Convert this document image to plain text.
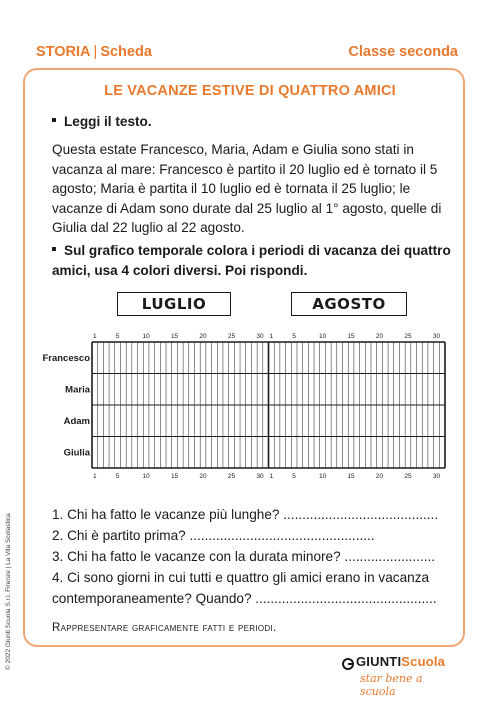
STORIA | Scheda	Classe seconda
LE VACANZE ESTIVE DI QUATTRO AMICI
Leggi il testo.
Questa estate Francesco, Maria, Adam e Giulia sono stati in vacanza al mare: Francesco è partito il 20 luglio ed è tornato il 5 agosto; Maria è partita il 10 luglio ed è tornata il 25 luglio; le vacanze di Adam sono durate dal 25 luglio al 1° agosto, quelle di Giulia dal 22 luglio al 22 agosto.
Sul grafico temporale colora i periodi di vacanza dei quattro amici, usa 4 colori diversi. Poi rispondi.
LUGLIO	AGOSTO
Francesco
Maria
Adam
Giulia
1
1
5
5
10
10
15
15
20
20
25
25
30
30
1
1
5
5
10
10
15
15
20
20
25
25
30
30
1. Chi ha fatto le vacanze più lunghe? .........................................
2. Chi è partito prima? .................................................
3. Chi ha fatto le vacanze con la durata minore? ........................
4. Ci sono giorni in cui tutti e quattro gli amici erano in vacanza
contemporaneamente? Quando? ................................................
Rappresentare graficamente fatti e periodi.
© 2022 Giunti Scuola S.r.l. Firenze | La Vita Scolastica	GIUNTIScuola
star bene a scuola
